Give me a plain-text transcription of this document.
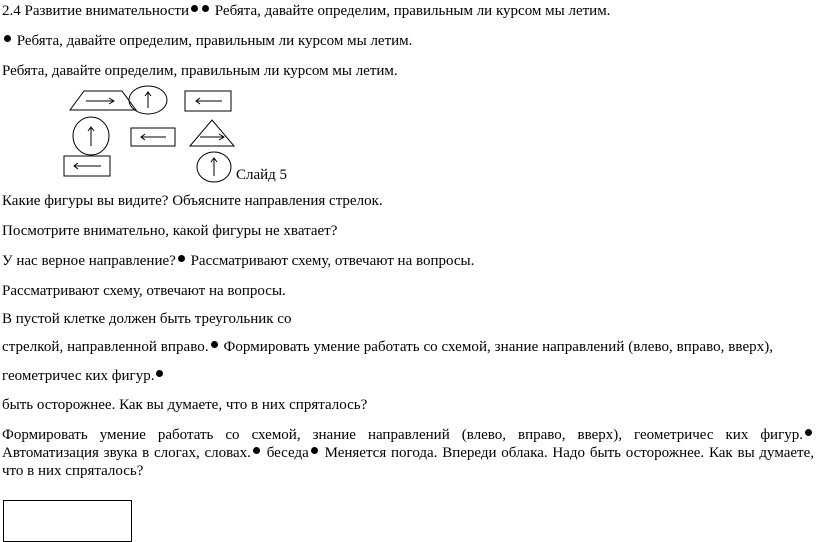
2.4 Развитие внимательности Ребята, давайте определим, правильным ли курсом мы летим.
Ребята, давайте определим, правильным ли курсом мы летим.
Ребята, давайте определим, правильным ли курсом мы летим.
Слайд 5
Какие фигуры вы видите? Объясните направления стрелок.
Посмотрите внимательно, какой фигуры не хватает?
У нас верное направление? Рассматривают схему, отвечают на вопросы.
Рассматривают схему, отвечают на вопросы.
В пустой клетке должен быть треугольник со
стрелкой, направленной вправо. Формировать умение работать со схемой, знание направлений (влево, вправо, вверх),
геометричес ких фигур.
быть осторожнее. Как вы думаете, что в них спряталось?
Формировать умение работать со схемой, знание направлений (влево, вправо, вверх), геометричес ких фигур. Автоматизация звука в слогах, словах. беседа Меняется погода. Впереди облака. Надо быть осторожнее. Как вы думаете, что в них спряталось?
